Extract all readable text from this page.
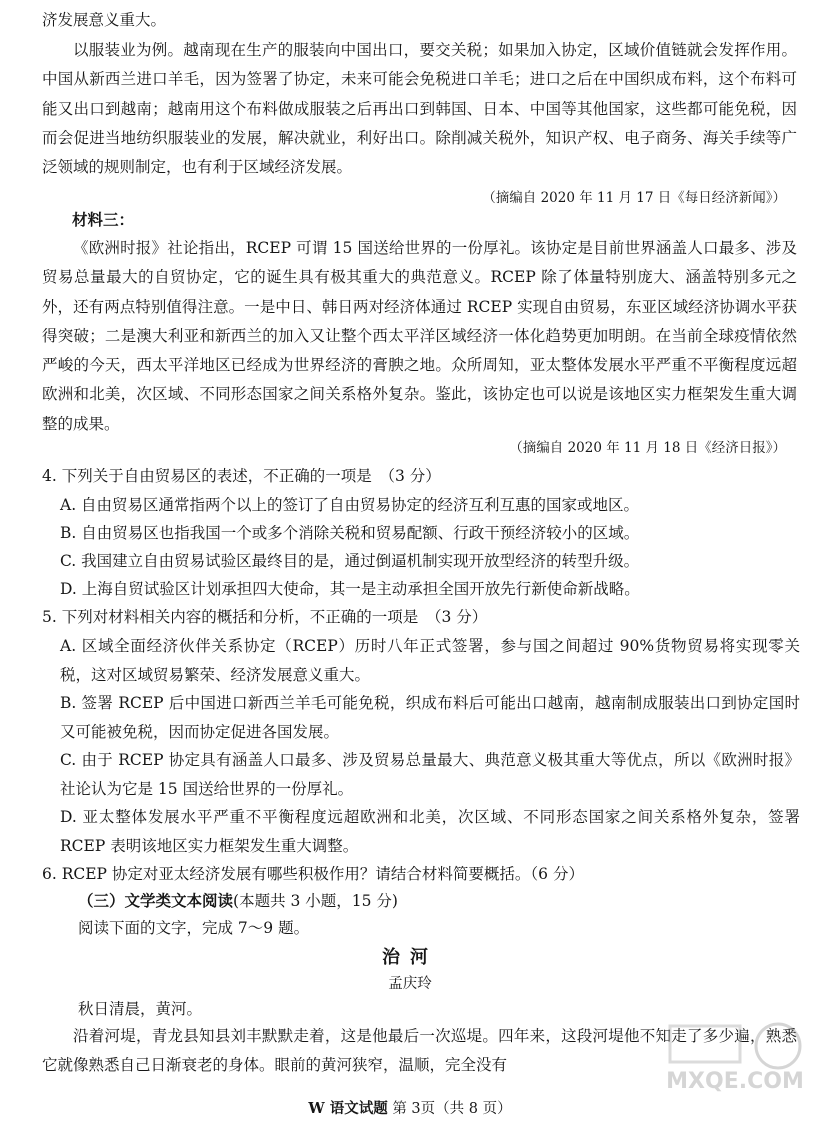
济发展意义重大。

以服装业为例。越南现在生产的服装向中国出口，要交关税；如果加入协定，区域价值链就会发挥作用。中国从新西兰进口羊毛，因为签署了协定，未来可能会免税进口羊毛；进口之后在中国织成布料，这个布料可能又出口到越南；越南用这个布料做成服装之后再出口到韩国、日本、中国等其他国家，这些都可能免税，因而会促进当地纺织服装业的发展，解决就业，利好出口。除削减关税外，知识产权、电子商务、海关手续等广泛领域的规则制定，也有利于区域经济发展。

（摘编自 2020 年 11 月 17 日《每日经济新闻》）
材料三：

《欧洲时报》社论指出，RCEP 可谓 15 国送给世界的一份厚礼。该协定是目前世界涵盖人口最多、涉及贸易总量最大的自贸协定，它的诞生具有极其重大的典范意义。RCEP 除了体量特别庞大、涵盖特别多元之外，还有两点特别值得注意。一是中日、韩日两对经济体通过 RCEP 实现自由贸易，东亚区域经济协调水平获得突破；二是澳大利亚和新西兰的加入又让整个西太平洋区域经济一体化趋势更加明朗。在当前全球疫情依然严峻的今天，西太平洋地区已经成为世界经济的膏腴之地。众所周知，亚太整体发展水平严重不平衡程度远超欧洲和北美，次区域、不同形态国家之间关系格外复杂。鉴此，该协定也可以说是该地区实力框架发生重大调整的成果。

（摘编自 2020 年 11 月 18 日《经济日报》）

4. 下列关于自由贸易区的表述，不正确的一项是　（3 分）

A. 自由贸易区通常指两个以上的签订了自由贸易协定的经济互利互惠的国家或地区。

B. 自由贸易区也指我国一个或多个消除关税和贸易配额、行政干预经济较小的区域。

C. 我国建立自由贸易试验区最终目的是，通过倒逼机制实现开放型经济的转型升级。

D. 上海自贸试验区计划承担四大使命，其一是主动承担全国开放先行新使命新战略。

5. 下列对材料相关内容的概括和分析，不正确的一项是　（3 分）

A. 区域全面经济伙伴关系协定（RCEP）历时八年正式签署，参与国之间超过 90%货物贸易将实现零关税，这对区域贸易繁荣、经济发展意义重大。

B. 签署 RCEP 后中国进口新西兰羊毛可能免税，织成布料后可能出口越南，越南制成服装出口到协定国时又可能被免税，因而协定促进各国发展。

C. 由于 RCEP 协定具有涵盖人口最多、涉及贸易总量最大、典范意义极其重大等优点，所以《欧洲时报》社论认为它是 15 国送给世界的一份厚礼。

D. 亚太整体发展水平严重不平衡程度远超欧洲和北美，次区域、不同形态国家之间关系格外复杂，签署 RCEP 表明该地区实力框架发生重大调整。

6. RCEP 协定对亚太经济发展有哪些积极作用？请结合材料简要概括。（6 分）

（三）文学类文本阅读(本题共 3 小题，15 分)
阅读下面的文字，完成 7～9 题。
治河
孟庆玲

秋日清晨，黄河。

沿着河堤，青龙县知县刘丰默默走着，这是他最后一次巡堤。四年来，这段河堤他不知走了多少遍，熟悉它就像熟悉自己日渐衰老的身体。眼前的黄河狭窄，温顺，完全没有

W 语文试题 第 3页（共 8 页）
MXQE.COM
